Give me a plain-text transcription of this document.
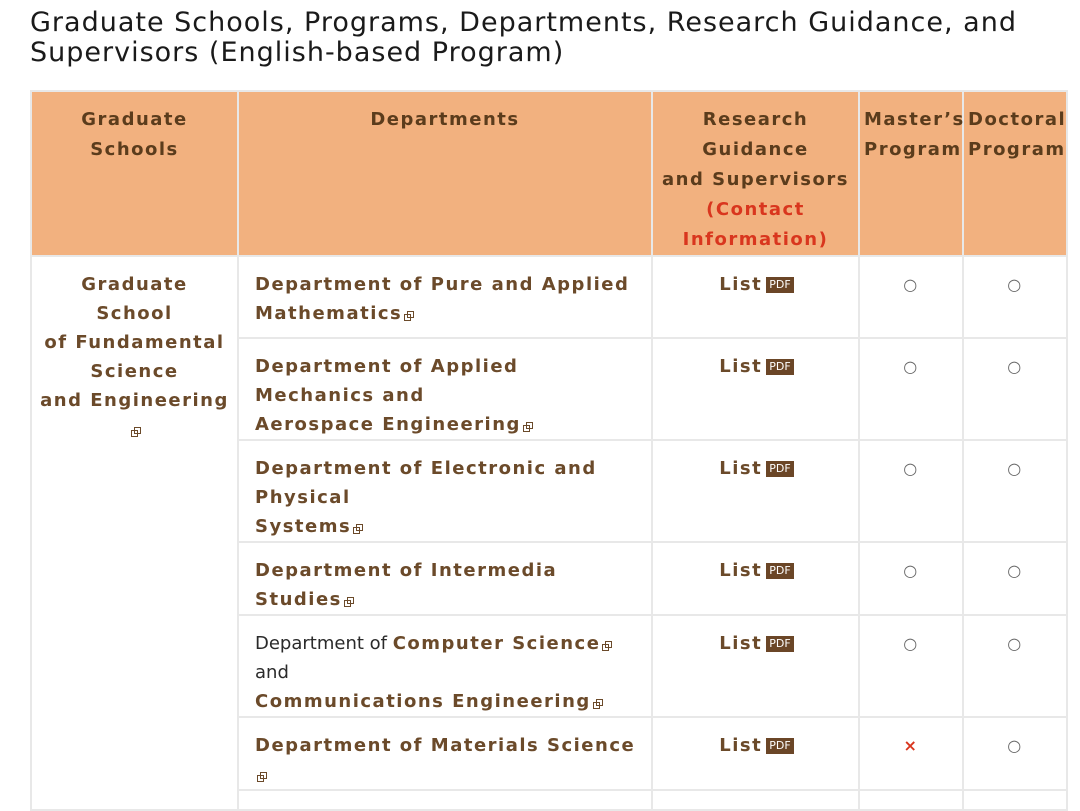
Graduate Schools, Programs, Departments, Research Guidance, and
Supervisors (English-based Program)
Graduate Schools	Departments	Research
Guidance
and Supervisors
(Contact
Information)	Master’s
Program	Doctoral
Program
Graduate School
of Fundamental
Science
and Engineering	Department of Pure and Applied
Mathematics	List PDF	○	○
	Department of Applied Mechanics and
Aerospace Engineering	List PDF	○	○
	Department of Electronic and Physical
Systems	List PDF	○	○
	Department of Intermedia Studies	List PDF	○	○
	Department of Computer Science and
Communications Engineering	List PDF	○	○
	Department of Materials Science	List PDF	×	○
